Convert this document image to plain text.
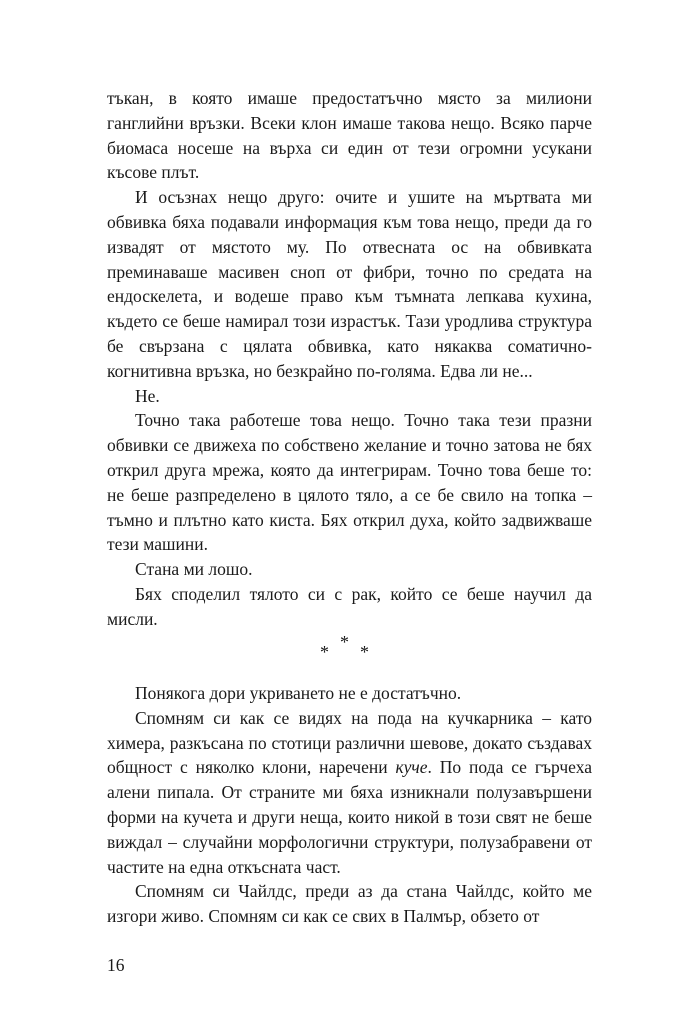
тъкан, в която имаше предостатъчно място за милиони ганглийни връзки. Всеки клон имаше такова нещо. Всяко парче биомаса носеше на върха си един от тези огромни усукани късове плът.

И осъзнах нещо друго: очите и ушите на мъртвата ми обвивка бяха подавали информация към това нещо, преди да го извадят от мястото му. По отвесната ос на обвивката преминаваше масивен сноп от фибри, точно по средата на ендоскелета, и водеше право към тъмната лепкава кухина, където се беше намирал този израстък. Тази уродлива структура бе свързана с цялата обвивка, като някаква соматично-когнитивна връзка, но безкрайно по-голяма. Едва ли не...

Не.

Точно така работеше това нещо. Точно така тези празни обвивки се движеха по собствено желание и точно затова не бях открил друга мрежа, която да интегрирам. Точно това беше то: не беше разпределено в цялото тяло, а се бе свило на топка – тъмно и плътно като киста. Бях открил духа, който задвижваше тези машини.

Стана ми лошо.

Бях споделил тялото си с рак, който се беше научил да мисли.

*
* *

Понякога дори укриването не е достатъчно.

Спомням си как се видях на пода на кучкарника – като химера, разкъсана по стотици различни шевове, докато създавах общност с няколко клони, наречени куче. По пода се гърчеха алени пипала. От страните ми бяха изникнали полузавършени форми на кучета и други неща, които никой в този свят не беше виждал – случайни морфологични структури, полузабравени от частите на една откъсната част.

Спомням си Чайлдс, преди аз да стана Чайлдс, който ме изгори живо. Спомням си как се свих в Палмър, обзето от

16
